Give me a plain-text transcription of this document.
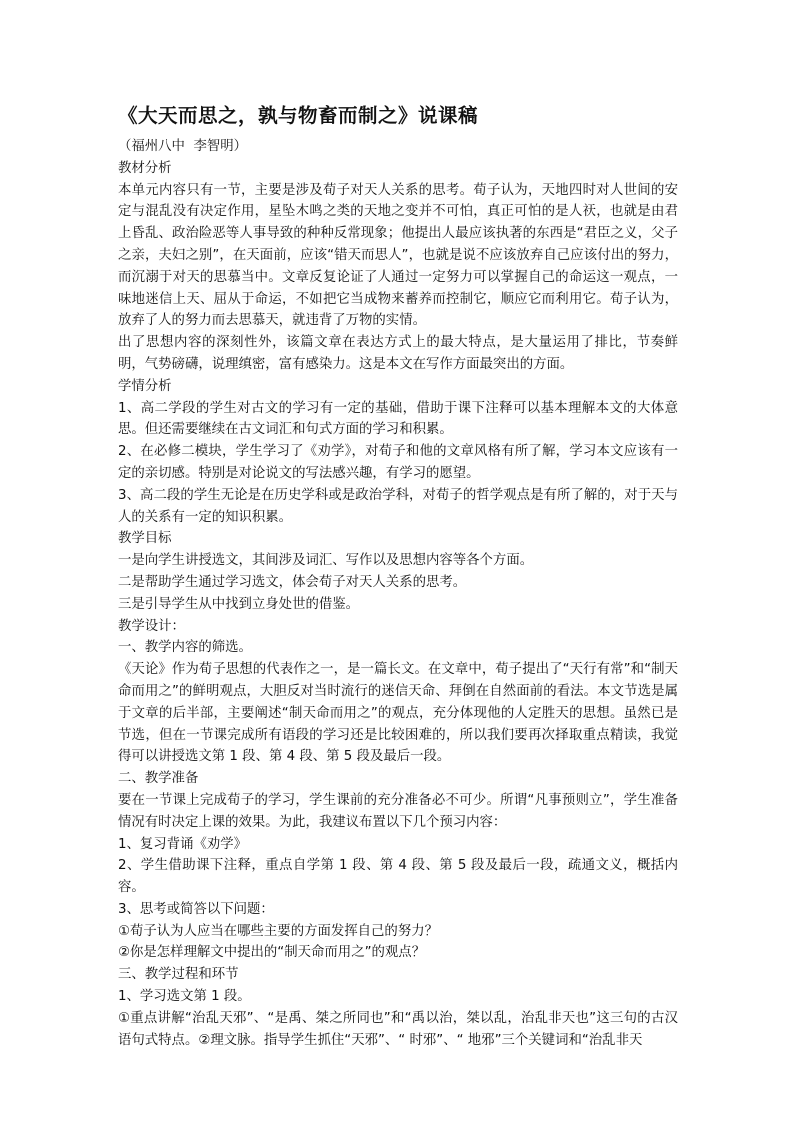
《大天而思之，孰与物畜而制之》说课稿

（福州八中  李智明）

教材分析

本单元内容只有一节，主要是涉及荀子对天人关系的思考。荀子认为，天地四时对人世间的安定与混乱没有决定作用，星坠木鸣之类的天地之变并不可怕，真正可怕的是人祆，也就是由君上昏乱、政治险恶等人事导致的种种反常现象；他提出人最应该执著的东西是“君臣之义，父子之亲，夫妇之别”，在天面前，应该“错天而思人”，也就是说不应该放弃自己应该付出的努力，而沉溺于对天的思慕当中。文章反复论证了人通过一定努力可以掌握自己的命运这一观点，一味地迷信上天、屈从于命运，不如把它当成物来蓄养而控制它，顺应它而利用它。荀子认为，放弃了人的努力而去思慕天，就违背了万物的实情。

出了思想内容的深刻性外，该篇文章在表达方式上的最大特点，是大量运用了排比，节奏鲜明，气势磅礴，说理缜密，富有感染力。这是本文在写作方面最突出的方面。

学情分析

1、高二学段的学生对古文的学习有一定的基础，借助于课下注释可以基本理解本文的大体意思。但还需要继续在古文词汇和句式方面的学习和积累。

2、在必修二模块，学生学习了《劝学》，对荀子和他的文章风格有所了解，学习本文应该有一定的亲切感。特别是对论说文的写法感兴趣，有学习的愿望。

3、高二段的学生无论是在历史学科或是政治学科，对荀子的哲学观点是有所了解的，对于天与人的关系有一定的知识积累。

教学目标

一是向学生讲授选文，其间涉及词汇、写作以及思想内容等各个方面。

二是帮助学生通过学习选文，体会荀子对天人关系的思考。

三是引导学生从中找到立身处世的借鉴。

教学设计：

一、教学内容的筛选。

《天论》作为荀子思想的代表作之一，是一篇长文。在文章中，荀子提出了“天行有常”和“制天命而用之”的鲜明观点，大胆反对当时流行的迷信天命、拜倒在自然面前的看法。本文节选是属于文章的后半部，主要阐述“制天命而用之”的观点，充分体现他的人定胜天的思想。虽然已是节选，但在一节课完成所有语段的学习还是比较困难的，所以我们要再次择取重点精读，我觉得可以讲授选文第 1 段、第 4 段、第 5 段及最后一段。

二、教学准备

要在一节课上完成荀子的学习，学生课前的充分准备必不可少。所谓“凡事预则立”，学生准备情况有时决定上课的效果。为此，我建议布置以下几个预习内容：

1、复习背诵《劝学》

2、学生借助课下注释，重点自学第 1 段、第 4 段、第 5 段及最后一段，疏通文义，概括内容。

3、思考或简答以下问题：

①荀子认为人应当在哪些主要的方面发挥自己的努力？

②你是怎样理解文中提出的“制天命而用之”的观点？

三、教学过程和环节

1、学习选文第 1 段。

①重点讲解“治乱天邪”、“是禹、桀之所同也”和“禹以治，桀以乱，治乱非天也”这三句的古汉语句式特点。②理文脉。指导学生抓住“天邪”、“ 时邪”、“ 地邪”三个关键词和“治乱非天
